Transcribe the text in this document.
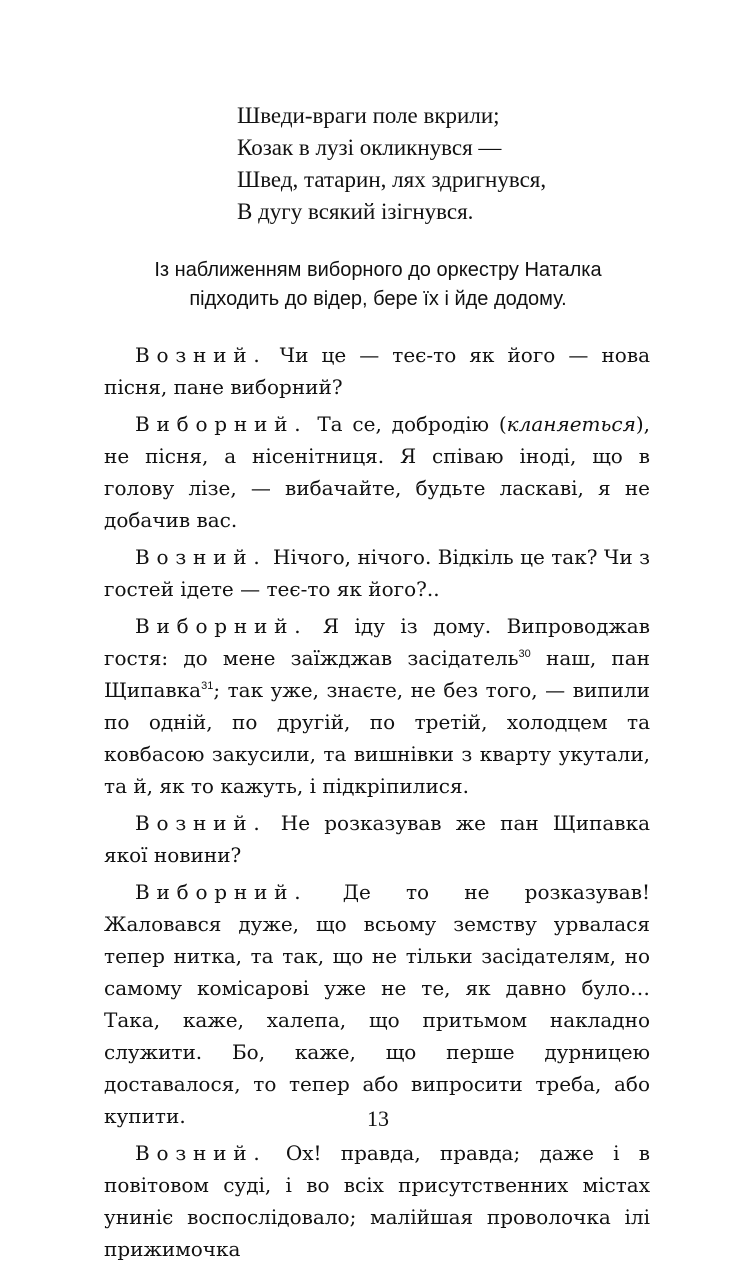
Шведи-враги поле вкрили;
Козак в лузі окликнувся —
Швед, татарин, лях здригнувся,
В дугу всякий ізігнувся.
Із наближенням виборного до оркестру Наталка
підходить до відер, бере їх і йде додому.

Возний. Чи це — теє-то як його — нова пісня, пане виборний?

Виборний. Та се, добродію (кланяеться), не пісня, а нісенітниця. Я співаю іноді, що в голову лізе, — вибачайте, будьте ласкаві, я не добачив вас.

Возний. Нічого, нічого. Відкіль це так? Чи з гостей ідете — теє-то як його?..

Виборний. Я іду із дому. Випроводжав гостя: до мене заїжджав засідатель$^{30}$ наш, пан Щипавка$^{31}$; так уже, знаєте, не без того, — випили по одній, по другій, по третій, холодцем та ковбасою закусили, та вишнівки з кварту укутали, та й, як то кажуть, і підкріпилися.

Возний. Не розказував же пан Щипавка якої новини?

Виборний. Де то не розказував! Жаловався дуже, що всьому земству урвалася тепер нитка, та так, що не тільки засідателям, но самому комісарові уже не те, як давно було… Така, каже, халепа, що притьмом накладно служити. Бо, каже, що перше дурницею доставалося, то тепер або випросити треба, або купити.

Возний. Ох! правда, правда; даже і в повітовом суді, і во всіх присутственних містах униніє воспослідовало; малійшая проволочка ілі прижимочка

13
